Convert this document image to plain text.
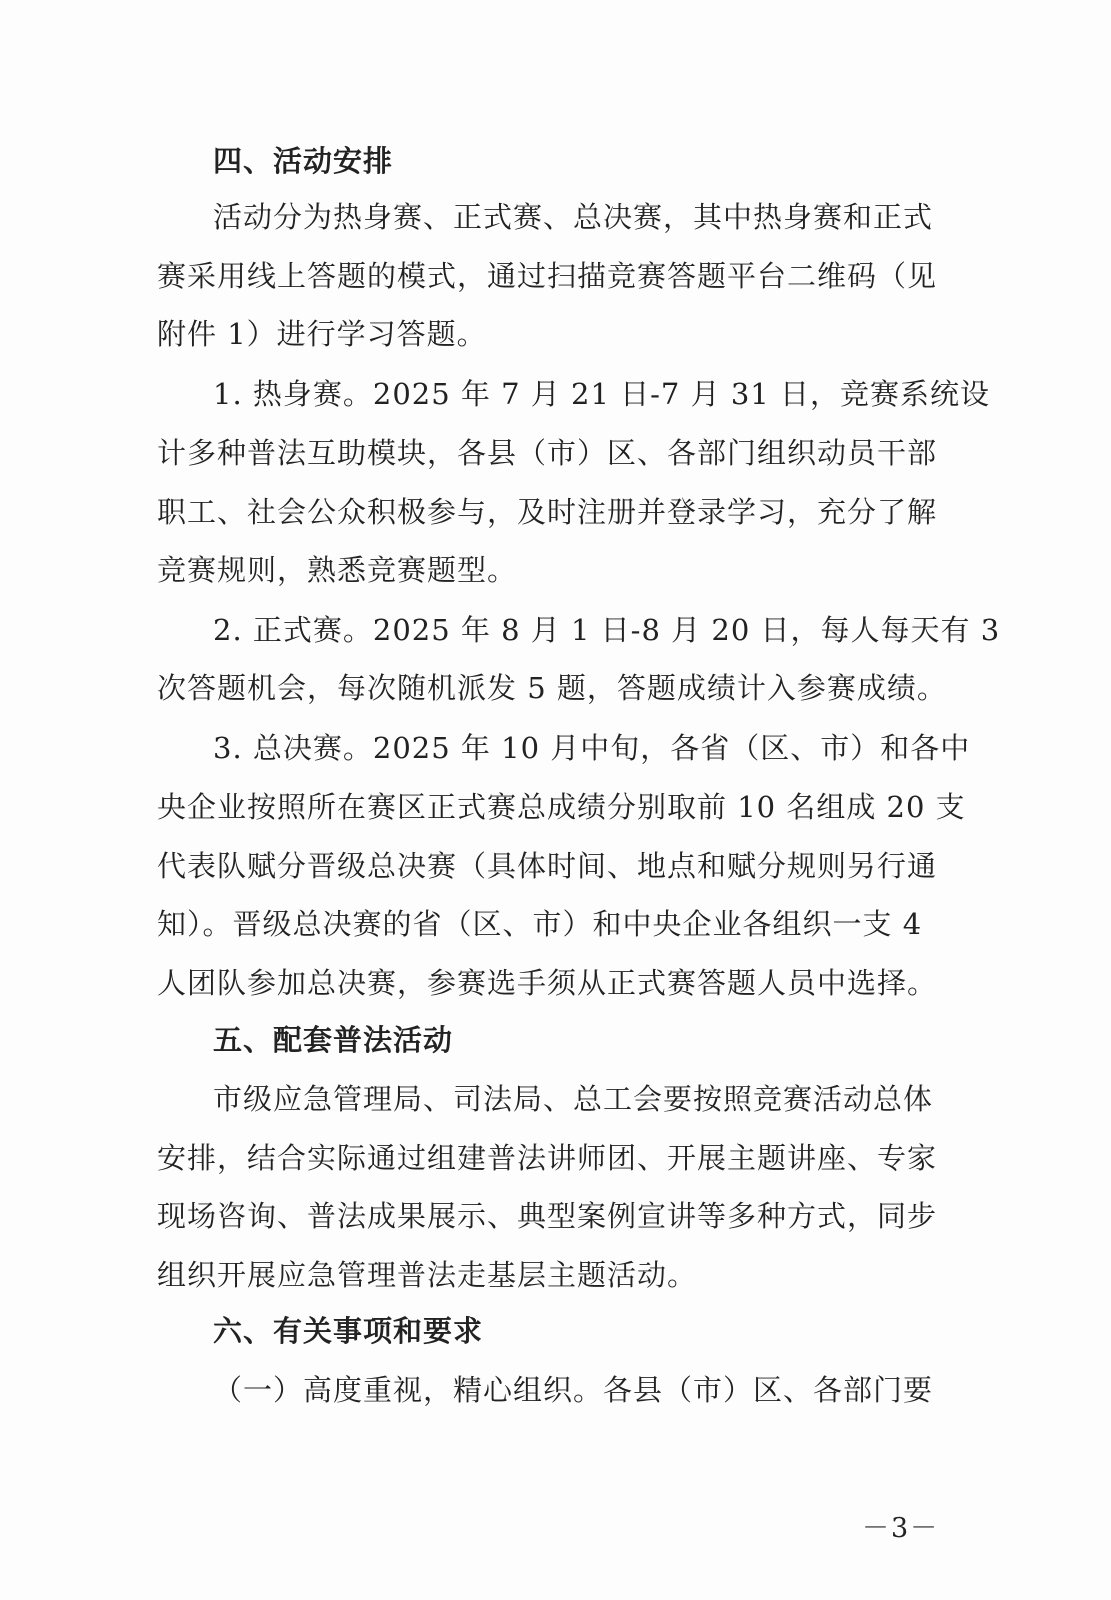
四、活动安排
活动分为热身赛、正式赛、总决赛，其中热身赛和正式
赛采用线上答题的模式，通过扫描竞赛答题平台二维码（见
附件 1）进行学习答题。
1. 热身赛。2025 年 7 月 21 日-7 月 31 日，竞赛系统设
计多种普法互助模块，各县（市）区、各部门组织动员干部
职工、社会公众积极参与，及时注册并登录学习，充分了解
竞赛规则，熟悉竞赛题型。
2. 正式赛。2025 年 8 月 1 日-8 月 20 日，每人每天有 3
次答题机会，每次随机派发 5 题，答题成绩计入参赛成绩。
3. 总决赛。2025 年 10 月中旬，各省（区、市）和各中
央企业按照所在赛区正式赛总成绩分别取前 10 名组成 20 支
代表队赋分晋级总决赛（具体时间、地点和赋分规则另行通
知）。晋级总决赛的省（区、市）和中央企业各组织一支 4
人团队参加总决赛，参赛选手须从正式赛答题人员中选择。
五、配套普法活动
市级应急管理局、司法局、总工会要按照竞赛活动总体
安排，结合实际通过组建普法讲师团、开展主题讲座、专家
现场咨询、普法成果展示、典型案例宣讲等多种方式，同步
组织开展应急管理普法走基层主题活动。
六、有关事项和要求
（一）高度重视，精心组织。各县（市）区、各部门要
－3－
